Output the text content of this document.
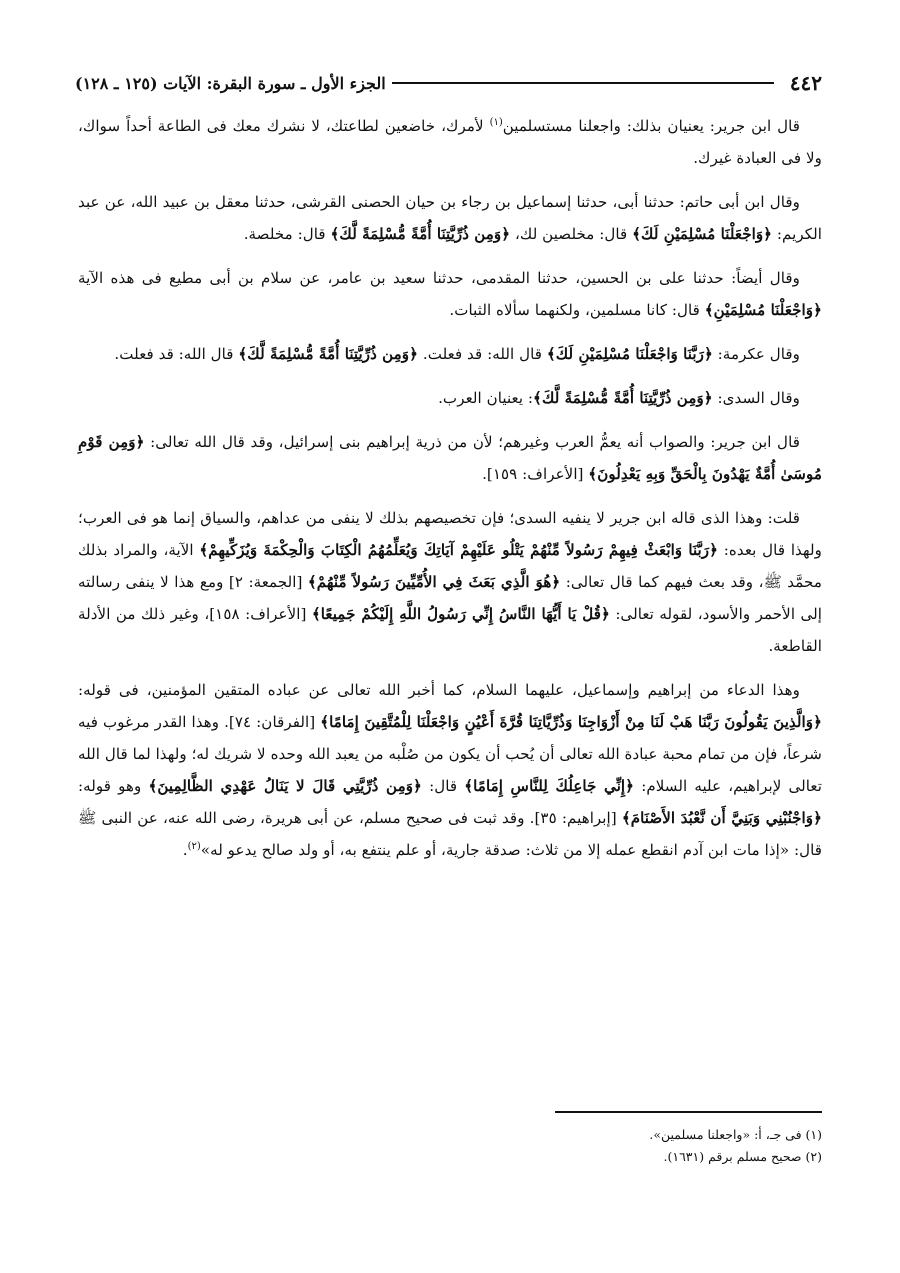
٤٤٢
الجزء الأول ـ سورة البقرة: الآيات (١٢٥ ـ ١٢٨)

قال ابن جرير: يعنيان بذلك: واجعلنا مستسلمين$^{(١)}$ لأمرك، خاضعين لطاعتك، لا نشرك معك فى الطاعة أحداً سواك، ولا فى العبادة غيرك.

وقال ابن أبى حاتم: حدثنا أبى، حدثنا إسماعيل بن رجاء بن حيان الحصنى القرشى، حدثنا معقل بن عبيد الله، عن عبد الكريم: ﴿وَاجْعَلْنَا مُسْلِمَيْنِ لَكَ﴾ قال: مخلصين لك، ﴿وَمِن ذُرِّيَّتِنَا أُمَّةً مُّسْلِمَةً لَّكَ﴾ قال: مخلصة.

وقال أيضاً: حدثنا على بن الحسين، حدثنا المقدمى، حدثنا سعيد بن عامر، عن سلام بن أبى مطيع فى هذه الآية ﴿وَاجْعَلْنَا مُسْلِمَيْنِ﴾ قال: كانا مسلمين، ولكنهما سألاه الثبات.

وقال عكرمة: ﴿رَبَّنَا وَاجْعَلْنَا مُسْلِمَيْنِ لَكَ﴾ قال الله: قد فعلت. ﴿وَمِن ذُرِّيَّتِنَا أُمَّةً مُّسْلِمَةً لَّكَ﴾ قال الله: قد فعلت.

وقال السدى: ﴿وَمِن ذُرِّيَّتِنَا أُمَّةً مُّسْلِمَةً لَّكَ﴾: يعنيان العرب.

قال ابن جرير: والصواب أنه يعمُّ العرب وغيرهم؛ لأن من ذرية إبراهيم بنى إسرائيل، وقد قال الله تعالى: ﴿وَمِن قَوْمِ مُوسَىٰ أُمَّةٌ يَهْدُونَ بِالْحَقِّ وَبِهِ يَعْدِلُونَ﴾ [الأعراف: ١٥٩].

قلت: وهذا الذى قاله ابن جرير لا ينفيه السدى؛ فإن تخصيصهم بذلك لا ينفى من عداهم، والسياق إنما هو فى العرب؛ ولهذا قال بعده: ﴿رَبَّنَا وَابْعَثْ فِيهِمْ رَسُولاً مِّنْهُمْ يَتْلُو عَلَيْهِمْ آيَاتِكَ وَيُعَلِّمُهُمُ الْكِتَابَ وَالْحِكْمَةَ وَيُزَكِّيهِمْ﴾ الآية، والمراد بذلك محمَّد ﷺ، وقد بعث فيهم كما قال تعالى: ﴿هُوَ الَّذِي بَعَثَ فِي الأُمِّيِّينَ رَسُولاً مِّنْهُمْ﴾ [الجمعة: ٢] ومع هذا لا ينفى رسالته إلى الأحمر والأسود، لقوله تعالى: ﴿قُلْ يَا أَيُّهَا النَّاسُ إِنِّي رَسُولُ اللَّهِ إِلَيْكُمْ جَمِيعًا﴾ [الأعراف: ١٥٨]، وغير ذلك من الأدلة القاطعة.

وهذا الدعاء من إبراهيم وإسماعيل، عليهما السلام، كما أخبر الله تعالى عن عباده المتقين المؤمنين، فى قوله: ﴿وَالَّذِينَ يَقُولُونَ رَبَّنَا هَبْ لَنَا مِنْ أَزْوَاجِنَا وَذُرِّيَّاتِنَا قُرَّةَ أَعْيُنٍ وَاجْعَلْنَا لِلْمُتَّقِينَ إِمَامًا﴾ [الفرقان: ٧٤]. وهذا القدر مرغوب فيه شرعاً، فإن من تمام محبة عبادة الله تعالى أن يُحب أن يكون من صُلْبه من يعبد الله وحده لا شريك له؛ ولهذا لما قال الله تعالى لإبراهيم، عليه السلام: ﴿إِنِّي جَاعِلُكَ لِلنَّاسِ إِمَامًا﴾ قال: ﴿وَمِن ذُرِّيَّتِي قَالَ لا يَنَالُ عَهْدِي الظَّالِمِينَ﴾ وهو قوله: ﴿وَاجْنُبْنِي وَبَنِيَّ أَن نَّعْبُدَ الأَصْنَامَ﴾ [إبراهيم: ٣٥]. وقد ثبت فى صحيح مسلم، عن أبى هريرة، رضى الله عنه، عن النبى ﷺ قال: «إذا مات ابن آدم انقطع عمله إلا من ثلاث: صدقة جارية، أو علم ينتفع به، أو ولد صالح يدعو له»$^{(٢)}$.

(١) فى جـ، أ: «واجعلنا مسلمين».
(٢) صحيح مسلم برقم (١٦٣١).
